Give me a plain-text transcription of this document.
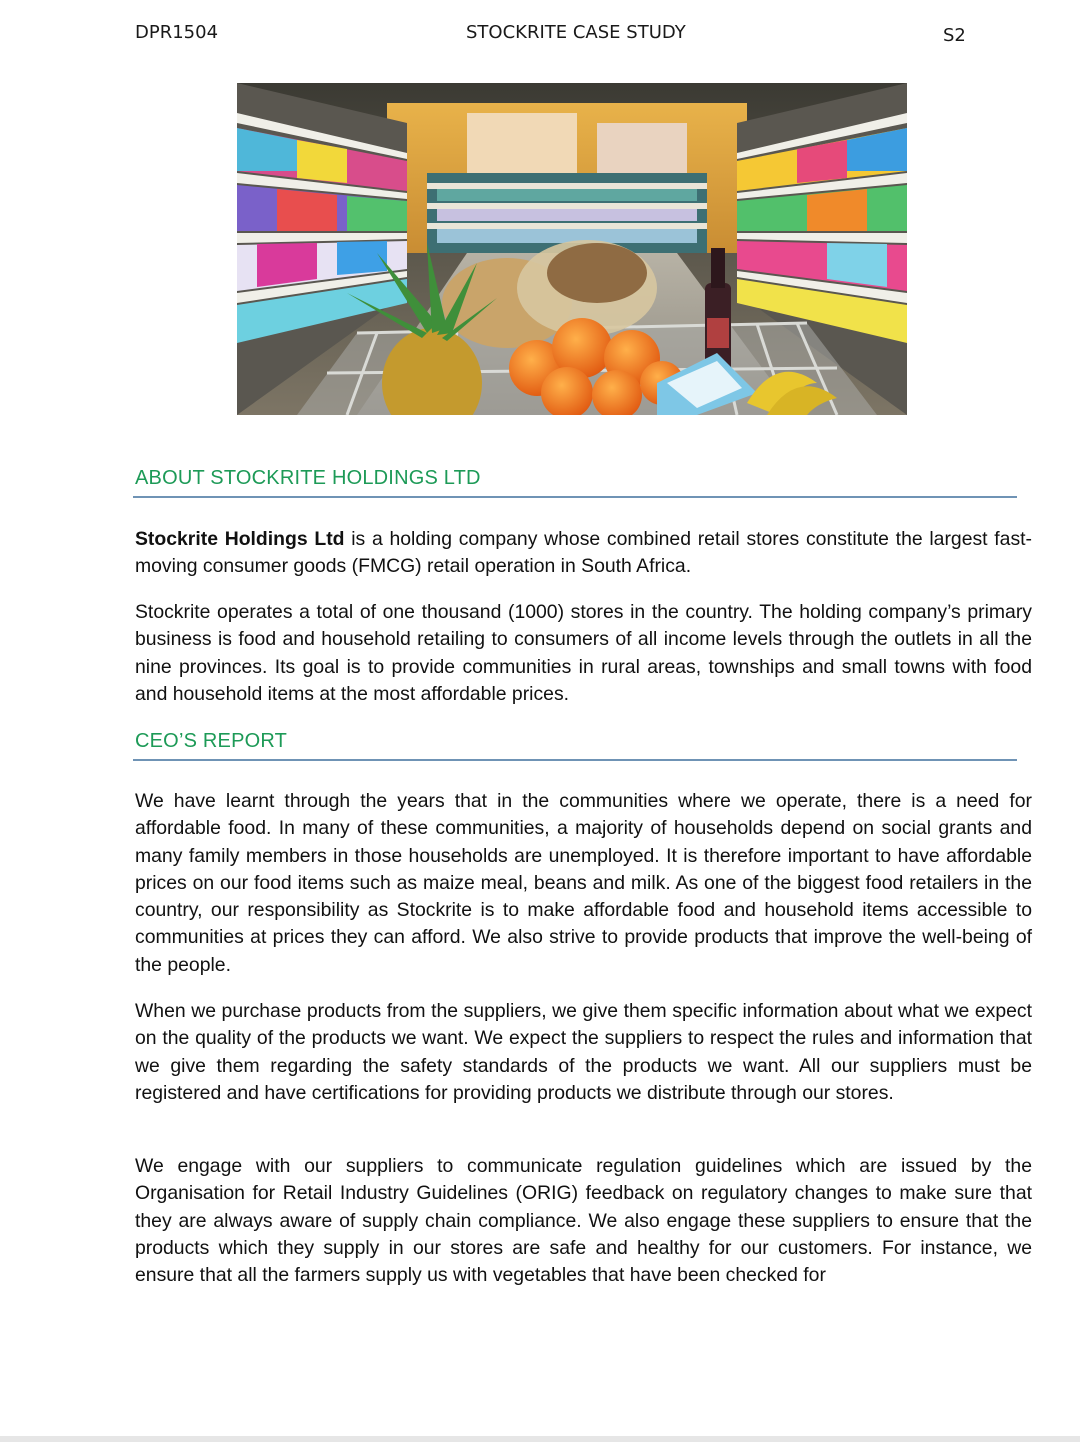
DPR1504	STOCKRITE CASE STUDY	S2
ABOUT STOCKRITE HOLDINGS LTD

Stockrite Holdings Ltd is a holding company whose combined retail stores constitute the largest fast-moving consumer goods (FMCG) retail operation in South Africa.

Stockrite operates a total of one thousand (1000) stores in the country. The holding company’s primary business is food and household retailing to consumers of all income levels through the outlets in all the nine provinces. Its goal is to provide communities in rural areas, townships and small towns with food and household items at the most affordable prices.

CEO’S REPORT

We have learnt through the years that in the communities where we operate, there is a need for affordable food. In many of these communities, a majority of households depend on social grants and many family members in those households are unemployed. It is therefore important to have affordable prices on our food items such as maize meal, beans and milk. As one of the biggest food retailers in the country, our responsibility as Stockrite is to make affordable food and household items accessible to communities at prices they can afford. We also strive to provide products that improve the well-being of the people.

When we purchase products from the suppliers, we give them specific information about what we expect on the quality of the products we want. We expect the suppliers to respect the rules and information that we give them regarding the safety standards of the products we want. All our suppliers must be registered and have certifications for providing products we distribute through our stores.

We engage with our suppliers to communicate regulation guidelines which are issued by the Organisation for Retail Industry Guidelines (ORIG) feedback on regulatory changes to make sure that they are always aware of supply chain compliance. We also engage these suppliers to ensure that the products which they supply in our stores are safe and healthy for our customers. For instance, we ensure that all the farmers supply us with vegetables that have been checked for
